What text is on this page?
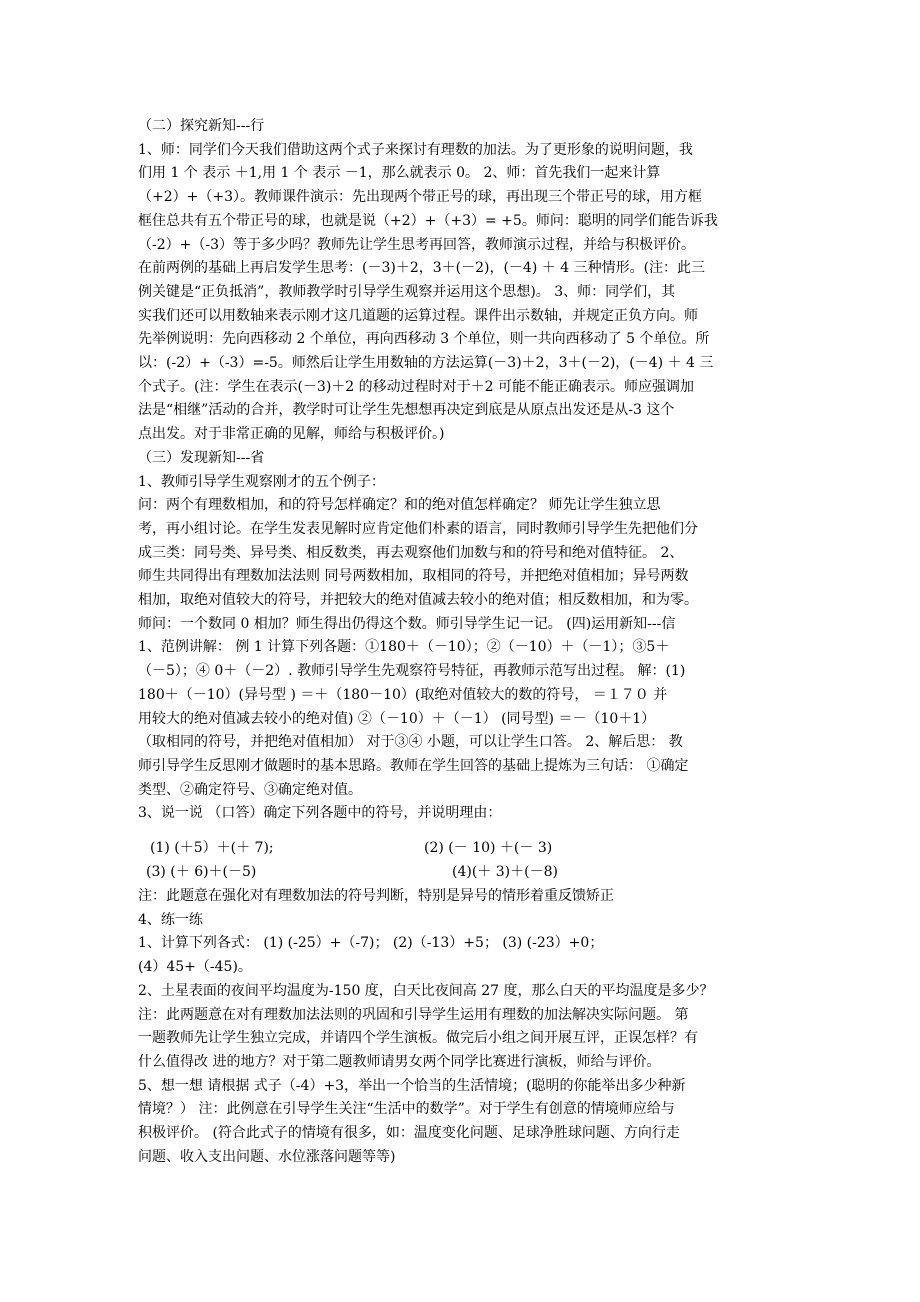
（二）探究新知---行
1、师：同学们今天我们借助这两个式子来探讨有理数的加法。为了更形象的说明问题，我
们用 1 个 表示 ＋1,用 1 个 表示 －1，那么就表示 0。 2、师：首先我们一起来计算
（+2）+（+3）。教师课件演示：先出现两个带正号的球，再出现三个带正号的球，用方框
框住总共有五个带正号的球，也就是说（+2）+（+3）= +5。师问：聪明的同学们能告诉我
（-2）+（-3）等于多少吗？教师先让学生思考再回答，教师演示过程，并给与积极评价。
在前两例的基础上再启发学生思考：(－3)＋2，3＋(－2)，(－4) ＋ 4 三种情形。(注：此三
例关键是“正负抵消”，教师教学时引导学生观察并运用这个思想)。 3、师：同学们，其
实我们还可以用数轴来表示刚才这几道题的运算过程。课件出示数轴，并规定正负方向。师
先举例说明：先向西移动 2 个单位，再向西移动 3 个单位，则一共向西移动了 5 个单位。所
以：(-2）+（-3）=-5。师然后让学生用数轴的方法运算(－3)＋2，3＋(－2)，(－4) ＋ 4 三
个式子。(注：学生在表示(－3)＋2 的移动过程时对于＋2 可能不能正确表示。师应强调加
法是“相继”活动的合并，教学时可让学生先想想再决定到底是从原点出发还是从-3 这个
点出发。对于非常正确的见解，师给与积极评价。)
（三）发现新知---省
1、教师引导学生观察刚才的五个例子：
问：两个有理数相加，和的符号怎样确定？和的绝对值怎样确定？ 师先让学生独立思
考，再小组讨论。在学生发表见解时应肯定他们朴素的语言，同时教师引导学生先把他们分
成三类：同号类、异号类、相反数类，再去观察他们加数与和的符号和绝对值特征。 2、
师生共同得出有理数加法法则 同号两数相加，取相同的符号，并把绝对值相加；异号两数
相加，取绝对值较大的符号，并把较大的绝对值减去较小的绝对值；相反数相加，和为零。
师问：一个数同 0 相加？师生得出仍得这个数。师引导学生记一记。 (四)运用新知---信
1、范例讲解： 例 1 计算下列各题：①180＋（－10）；②（－10）＋（－1）；③5＋
（－5）；④ 0＋（－2）. 教师引导学生先观察符号特征，再教师示范写出过程。 解：(1)
180＋（－10）(异号型 ) ＝＋（180－10）(取绝对值较大的数的符号， ＝１７０ 并
用较大的绝对值减去较小的绝对值) ②（－10）＋（－1） (同号型) ＝－（10＋1）
（取相同的符号，并把绝对值相加） 对于③④ 小题，可以让学生口答。 2、解后思： 教
师引导学生反思刚才做题时的基本思路。教师在学生回答的基础上提炼为三句话： ①确定
类型、②确定符号、③确定绝对值。
3、说一说 （口答）确定下列各题中的符号，并说明理由：
(1) (＋5）＋(＋ 7);	(2) (－ 10) ＋(－ 3)
(3) (＋ 6)＋(－5)	(4)(＋ 3)＋(－8)
注：此题意在强化对有理数加法的符号判断，特别是异号的情形着重反馈矫正
4、练一练
1、计算下列各式： (1) (-25）+（-7)； (2)（-13）+5； (3) (-23）+0；
(4）45+（-45)。
2、土星表面的夜间平均温度为-150 度，白天比夜间高 27 度，那么白天的平均温度是多少？
注：此两题意在对有理数加法法则的巩固和引导学生运用有理数的加法解决实际问题。 第
一题教师先让学生独立完成，并请四个学生演板。做完后小组之间开展互评，正误怎样？有
什么值得改 进的地方？对于第二题教师请男女两个同学比赛进行演板，师给与评价。
5、想一想 请根据 式子（-4）+3，举出一个恰当的生活情境；(聪明的你能举出多少种新
情境？） 注：此例意在引导学生关注“生活中的数学”。对于学生有创意的情境师应给与
积极评价。 (符合此式子的情境有很多，如：温度变化问题、足球净胜球问题、方向行走
问题、收入支出问题、水位涨落问题等等)
